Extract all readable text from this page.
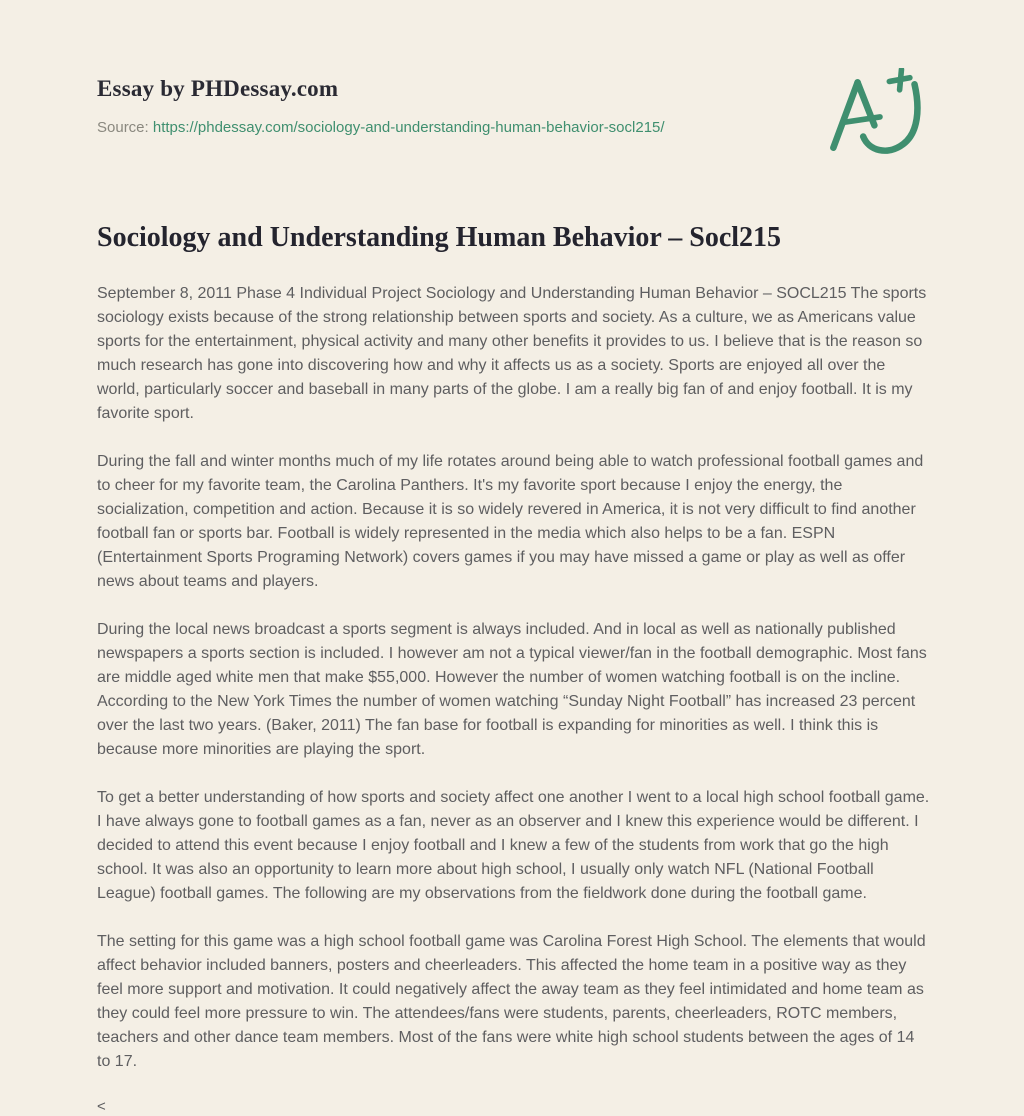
Essay by PHDessay.com
Source: https://phdessay.com/sociology-and-understanding-human-behavior-socl215/
Sociology and Understanding Human Behavior – Socl215

September 8, 2011 Phase 4 Individual Project Sociology and Understanding Human Behavior – SOCL215 The sports sociology exists because of the strong relationship between sports and society. As a culture, we as Americans value sports for the entertainment, physical activity and many other benefits it provides to us. I believe that is the reason so much research has gone into discovering how and why it affects us as a society. Sports are enjoyed all over the world, particularly soccer and baseball in many parts of the globe. I am a really big fan of and enjoy football. It is my favorite sport.

During the fall and winter months much of my life rotates around being able to watch professional football games and to cheer for my favorite team, the Carolina Panthers. It's my favorite sport because I enjoy the energy, the socialization, competition and action. Because it is so widely revered in America, it is not very difficult to find another football fan or sports bar. Football is widely represented in the media which also helps to be a fan. ESPN (Entertainment Sports Programing Network) covers games if you may have missed a game or play as well as offer news about teams and players.

During the local news broadcast a sports segment is always included. And in local as well as nationally published newspapers a sports section is included. I however am not a typical viewer/fan in the football demographic. Most fans are middle aged white men that make $55,000. However the number of women watching football is on the incline. According to the New York Times the number of women watching “Sunday Night Football” has increased 23 percent over the last two years. (Baker, 2011) The fan base for football is expanding for minorities as well. I think this is because more minorities are playing the sport.

To get a better understanding of how sports and society affect one another I went to a local high school football game. I have always gone to football games as a fan, never as an observer and I knew this experience would be different. I decided to attend this event because I enjoy football and I knew a few of the students from work that go the high school. It was also an opportunity to learn more about high school, I usually only watch NFL (National Football League) football games. The following are my observations from the fieldwork done during the football game.

The setting for this game was a high school football game was Carolina Forest High School. The elements that would affect behavior included banners, posters and cheerleaders. This affected the home team in a positive way as they feel more support and motivation. It could negatively affect the away team as they feel intimidated and home team as they could feel more pressure to win. The attendees/fans were students, parents, cheerleaders, ROTC members, teachers and other dance team members. Most of the fans were white high school students between the ages of 14 to 17.

<
